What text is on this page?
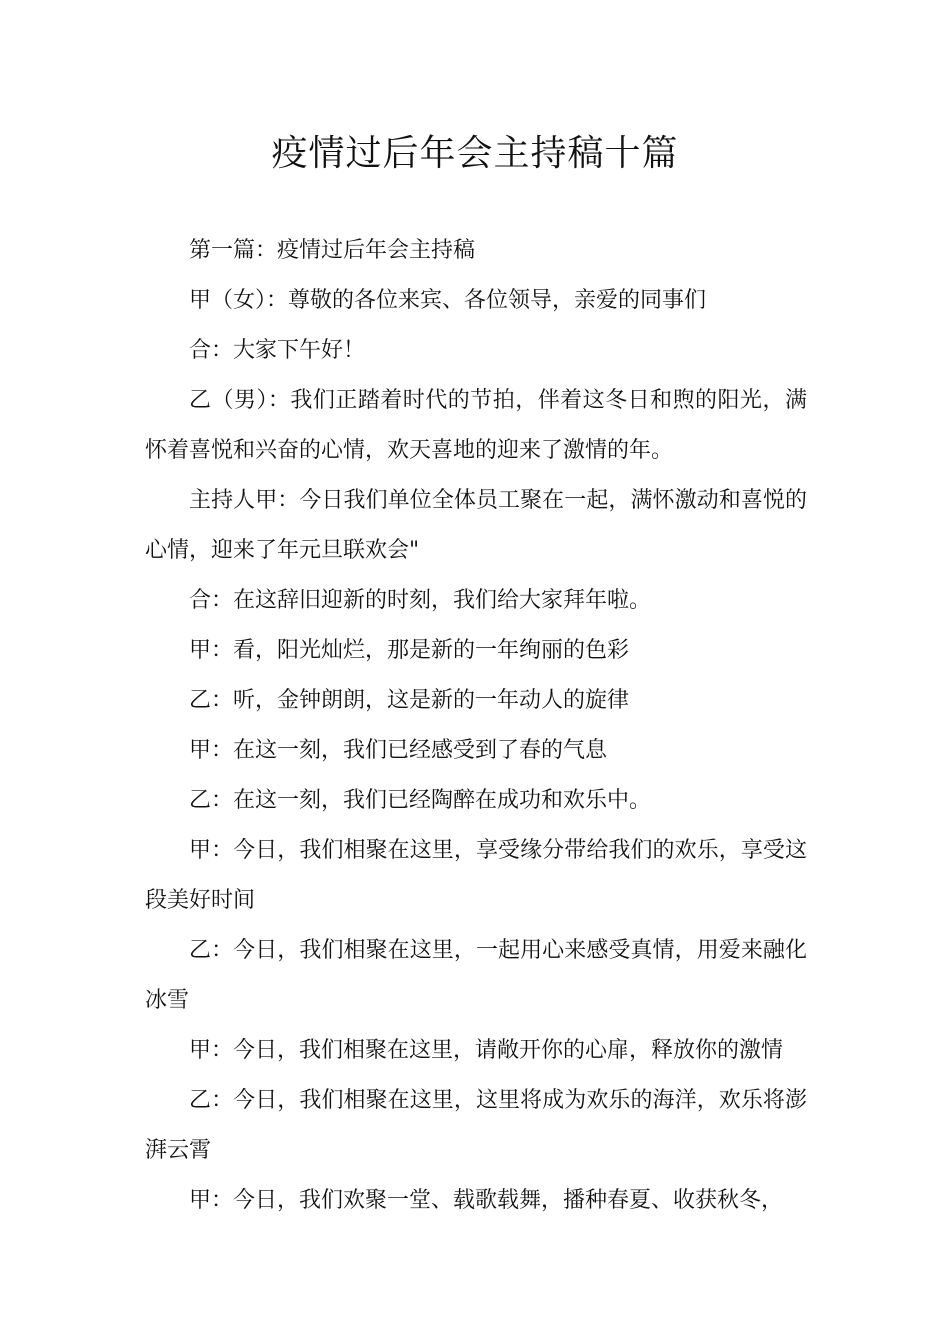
疫情过后年会主持稿十篇

第一篇：疫情过后年会主持稿

甲（女）：尊敬的各位来宾、各位领导，亲爱的同事们

合：大家下午好！

乙（男）：我们正踏着时代的节拍，伴着这冬日和煦的阳光，满怀着喜悦和兴奋的心情，欢天喜地的迎来了激情的年。

主持人甲：今日我们单位全体员工聚在一起，满怀激动和喜悦的心情，迎来了年元旦联欢会"

合：在这辞旧迎新的时刻，我们给大家拜年啦。

甲：看，阳光灿烂，那是新的一年绚丽的色彩

乙：听，金钟朗朗，这是新的一年动人的旋律

甲：在这一刻，我们已经感受到了春的气息

乙：在这一刻，我们已经陶醉在成功和欢乐中。

甲：今日，我们相聚在这里，享受缘分带给我们的欢乐，享受这段美好时间

乙：今日，我们相聚在这里，一起用心来感受真情，用爱来融化冰雪

甲：今日，我们相聚在这里，请敞开你的心扉，释放你的激情

乙：今日，我们相聚在这里，这里将成为欢乐的海洋，欢乐将澎湃云霄

甲：今日，我们欢聚一堂、载歌载舞，播种春夏、收获秋冬，
